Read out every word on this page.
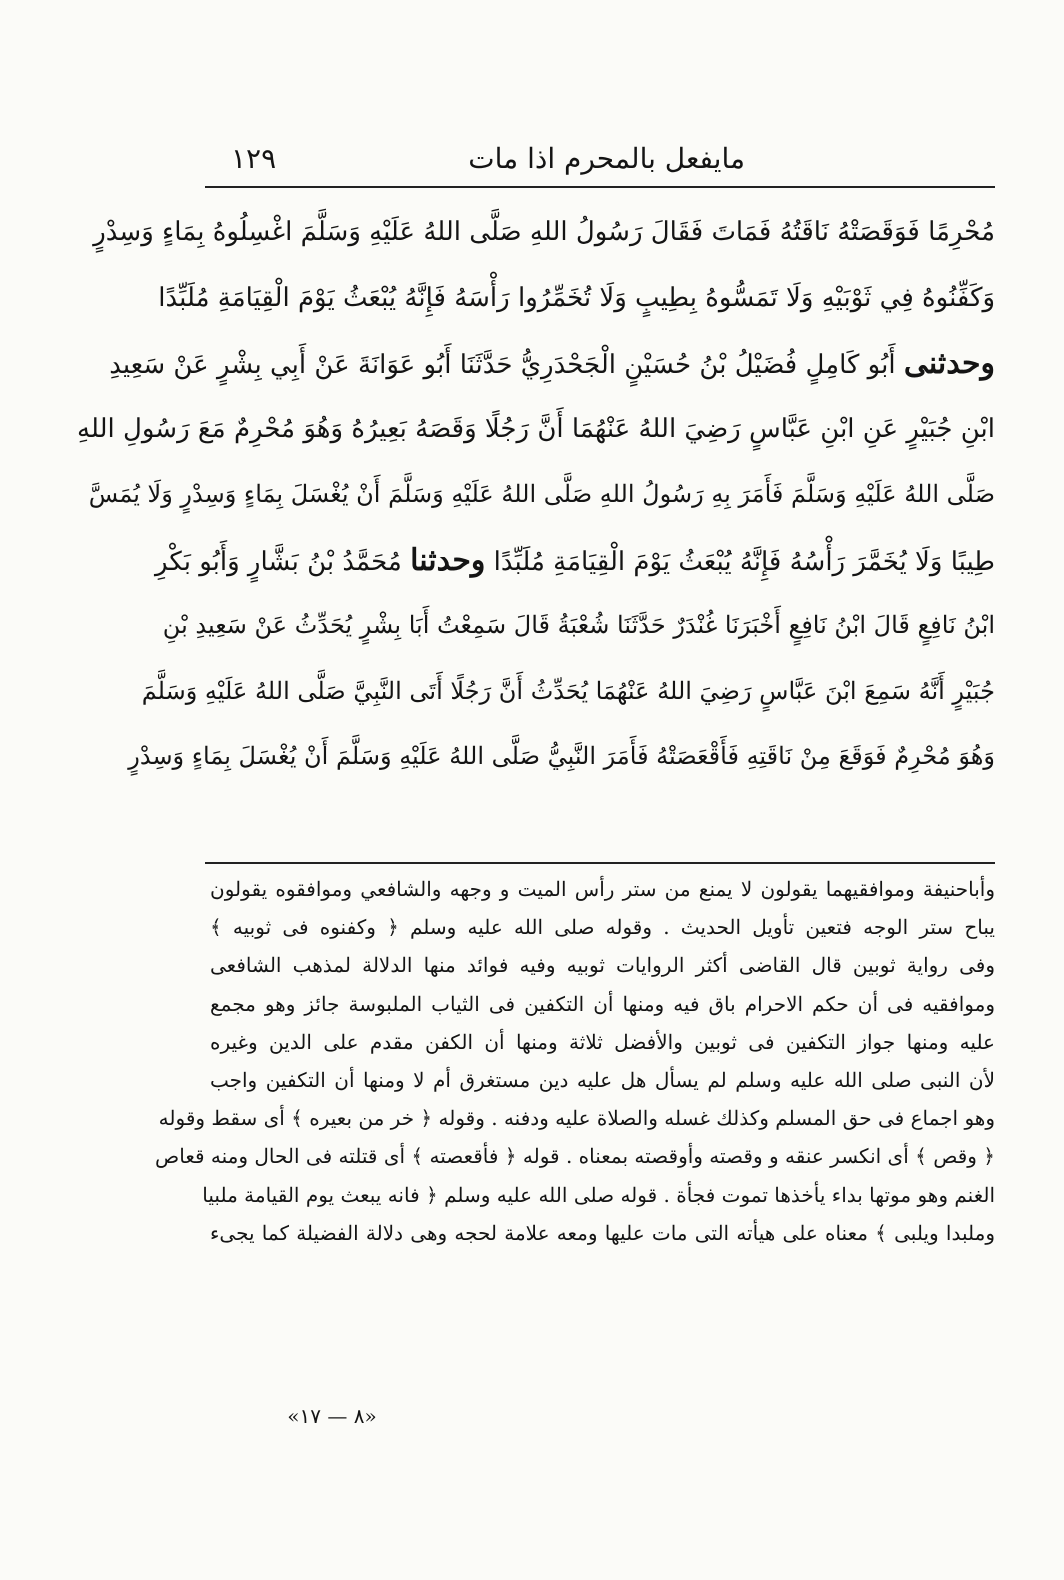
مايفعل بالمحرم اذا مات
١٢٩
مُحْرِمًا فَوَقَصَتْهُ نَاقَتُهُ فَمَاتَ فَقَالَ رَسُولُ اللهِ صَلَّى اللهُ عَلَيْهِ وَسَلَّمَ اغْسِلُوهُ بِمَاءٍ وَسِدْرٍ
وَكَفِّنُوهُ فِي ثَوْبَيْهِ وَلَا تَمَسُّوهُ بِطِيبٍ وَلَا تُخَمِّرُوا رَأْسَهُ فَإِنَّهُ يُبْعَثُ يَوْمَ الْقِيَامَةِ مُلَبِّدًا
وحدثنى أَبُو كَامِلٍ فُضَيْلُ بْنُ حُسَيْنٍ الْجَحْدَرِيُّ حَدَّثَنَا أَبُو عَوَانَةَ عَنْ أَبِي بِشْرٍ عَنْ سَعِيدِ
ابْنِ جُبَيْرٍ عَنِ ابْنِ عَبَّاسٍ رَضِيَ اللهُ عَنْهُمَا أَنَّ رَجُلًا وَقَصَهُ بَعِيرُهُ وَهُوَ مُحْرِمٌ مَعَ رَسُولِ اللهِ
صَلَّى اللهُ عَلَيْهِ وَسَلَّمَ فَأَمَرَ بِهِ رَسُولُ اللهِ صَلَّى اللهُ عَلَيْهِ وَسَلَّمَ أَنْ يُغْسَلَ بِمَاءٍ وَسِدْرٍ وَلَا يُمَسَّ
طِيبًا وَلَا يُخَمَّرَ رَأْسُهُ فَإِنَّهُ يُبْعَثُ يَوْمَ الْقِيَامَةِ مُلَبِّدًا وحدثنا مُحَمَّدُ بْنُ بَشَّارٍ وَأَبُو بَكْرِ
ابْنُ نَافِعٍ قَالَ ابْنُ نَافِعٍ أَخْبَرَنَا غُنْدَرٌ حَدَّثَنَا شُعْبَةُ قَالَ سَمِعْتُ أَبَا بِشْرٍ يُحَدِّثُ عَنْ سَعِيدِ بْنِ
جُبَيْرٍ أَنَّهُ سَمِعَ ابْنَ عَبَّاسٍ رَضِيَ اللهُ عَنْهُمَا يُحَدِّثُ أَنَّ رَجُلًا أَتَى النَّبِيَّ صَلَّى اللهُ عَلَيْهِ وَسَلَّمَ
وَهُوَ مُحْرِمٌ فَوَقَعَ مِنْ نَاقَتِهِ فَأَقْعَصَتْهُ فَأَمَرَ النَّبِيُّ صَلَّى اللهُ عَلَيْهِ وَسَلَّمَ أَنْ يُغْسَلَ بِمَاءٍ وَسِدْرٍ
وأباحنيفة وموافقيهما يقولون لا يمنع من ستر رأس الميت و وجهه والشافعي وموافقوه يقولون
يباح ستر الوجه فتعين تأويل الحديث . وقوله صلى الله عليه وسلم ﴿ وكفنوه فى ثوبيه ﴾
وفى رواية ثوبين قال القاضى أكثر الروايات ثوبيه وفيه فوائد منها الدلالة لمذهب الشافعى
وموافقيه فى أن حكم الاحرام باق فيه ومنها أن التكفين فى الثياب الملبوسة جائز وهو مجمع
عليه ومنها جواز التكفين فى ثوبين والأفضل ثلاثة ومنها أن الكفن مقدم على الدين وغيره
لأن النبى صلى الله عليه وسلم لم يسأل هل عليه دين مستغرق أم لا ومنها أن التكفين واجب
وهو اجماع فى حق المسلم وكذلك غسله والصلاة عليه ودفنه . وقوله ﴿ خر من بعيره ﴾ أى سقط وقوله
﴿ وقص ﴾ أى انكسر عنقه و وقصته وأوقصته بمعناه . قوله ﴿ فأقعصته ﴾ أى قتلته فى الحال ومنه قعاص
الغنم وهو موتها بداء يأخذها تموت فجأة . قوله صلى الله عليه وسلم ﴿ فانه يبعث يوم القيامة ملبيا
وملبدا ويلبى ﴾ معناه على هيأته التى مات عليها ومعه علامة لحجه وهى دلالة الفضيلة كما يجىء
«٨ — ١٧»
